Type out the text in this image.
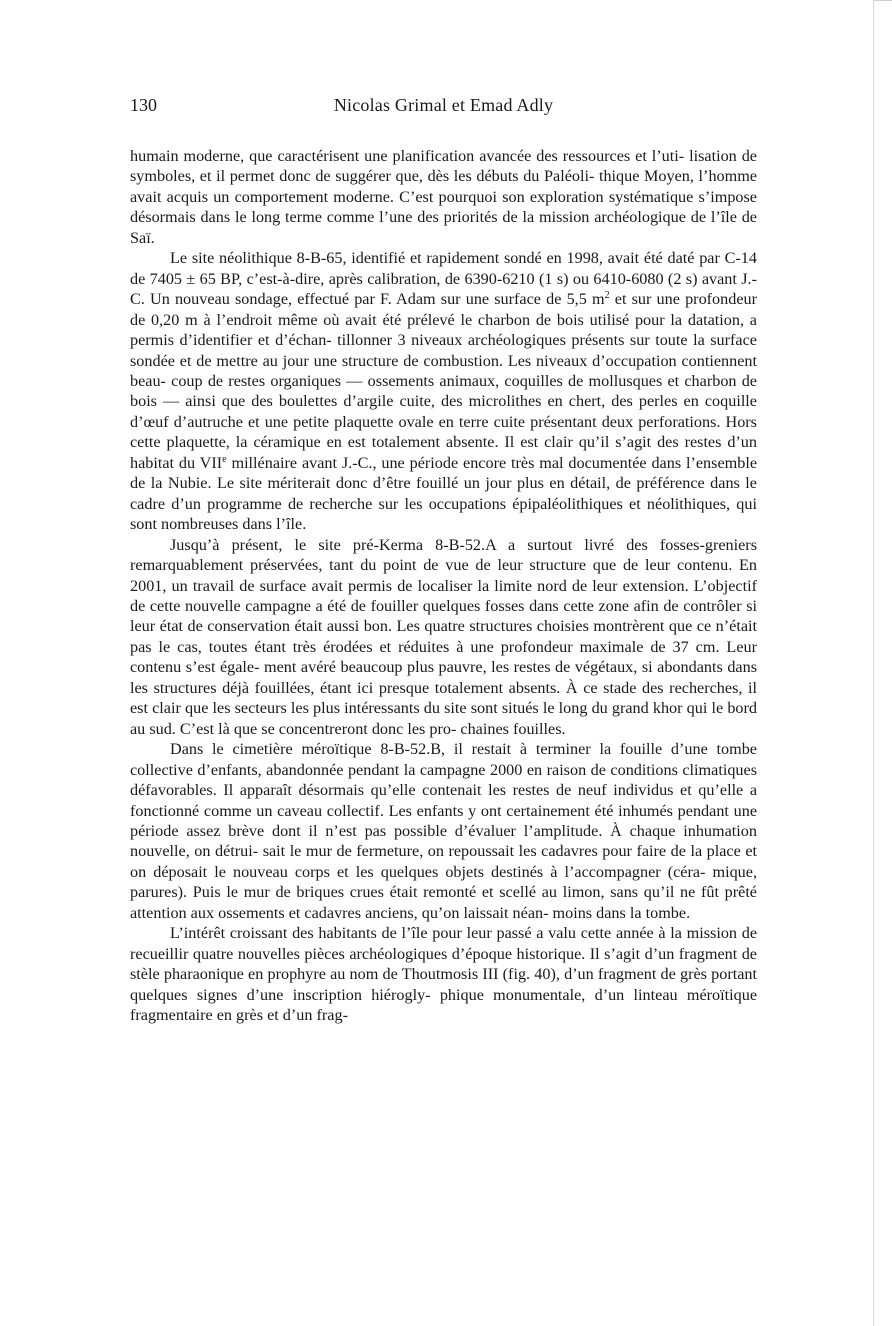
130	Nicolas Grimal et Emad Adly

humain moderne, que caractérisent une planification avancée des ressources et l’uti- lisation de symboles, et il permet donc de suggérer que, dès les débuts du Paléoli- thique Moyen, l’homme avait acquis un comportement moderne. C’est pourquoi son exploration systématique s’impose désormais dans le long terme comme l’une des priorités de la mission archéologique de l’île de Saï.

Le site néolithique 8-B-65, identifié et rapidement sondé en 1998, avait été daté par C-14 de 7405 ± 65 BP, c’est-à-dire, après calibration, de 6390-6210 (1 s) ou 6410-6080 (2 s) avant J.-C. Un nouveau sondage, effectué par F. Adam sur une surface de 5,5 $m^2$ et sur une profondeur de 0,20 m à l’endroit même où avait été prélevé le charbon de bois utilisé pour la datation, a permis d’identifier et d’échan- tillonner 3 niveaux archéologiques présents sur toute la surface sondée et de mettre au jour une structure de combustion. Les niveaux d’occupation contiennent beau- coup de restes organiques — ossements animaux, coquilles de mollusques et charbon de bois — ainsi que des boulettes d’argile cuite, des microlithes en chert, des perles en coquille d’œuf d’autruche et une petite plaquette ovale en terre cuite présentant deux perforations. Hors cette plaquette, la céramique en est totalement absente. Il est clair qu’il s’agit des restes d’un habitat du VIIe millénaire avant J.-C., une période encore très mal documentée dans l’ensemble de la Nubie. Le site mériterait donc d’être fouillé un jour plus en détail, de préférence dans le cadre d’un programme de recherche sur les occupations épipaléolithiques et néolithiques, qui sont nombreuses dans l’île.

Jusqu’à présent, le site pré-Kerma 8-B-52.A a surtout livré des fosses-greniers remarquablement préservées, tant du point de vue de leur structure que de leur contenu. En 2001, un travail de surface avait permis de localiser la limite nord de leur extension. L’objectif de cette nouvelle campagne a été de fouiller quelques fosses dans cette zone afin de contrôler si leur état de conservation était aussi bon. Les quatre structures choisies montrèrent que ce n’était pas le cas, toutes étant très érodées et réduites à une profondeur maximale de 37 cm. Leur contenu s’est égale- ment avéré beaucoup plus pauvre, les restes de végétaux, si abondants dans les structures déjà fouillées, étant ici presque totalement absents. À ce stade des recherches, il est clair que les secteurs les plus intéressants du site sont situés le long du grand khor qui le bord au sud. C’est là que se concentreront donc les pro- chaines fouilles.

Dans le cimetière méroïtique 8-B-52.B, il restait à terminer la fouille d’une tombe collective d’enfants, abandonnée pendant la campagne 2000 en raison de conditions climatiques défavorables. Il apparaît désormais qu’elle contenait les restes de neuf individus et qu’elle a fonctionné comme un caveau collectif. Les enfants y ont certainement été inhumés pendant une période assez brève dont il n’est pas possible d’évaluer l’amplitude. À chaque inhumation nouvelle, on détrui- sait le mur de fermeture, on repoussait les cadavres pour faire de la place et on déposait le nouveau corps et les quelques objets destinés à l’accompagner (céra- mique, parures). Puis le mur de briques crues était remonté et scellé au limon, sans qu’il ne fût prêté attention aux ossements et cadavres anciens, qu’on laissait néan- moins dans la tombe.

L’intérêt croissant des habitants de l’île pour leur passé a valu cette année à la mission de recueillir quatre nouvelles pièces archéologiques d’époque historique. Il s’agit d’un fragment de stèle pharaonique en prophyre au nom de Thoutmosis III (fig. 40), d’un fragment de grès portant quelques signes d’une inscription hiérogly- phique monumentale, d’un linteau méroïtique fragmentaire en grès et d’un frag-
